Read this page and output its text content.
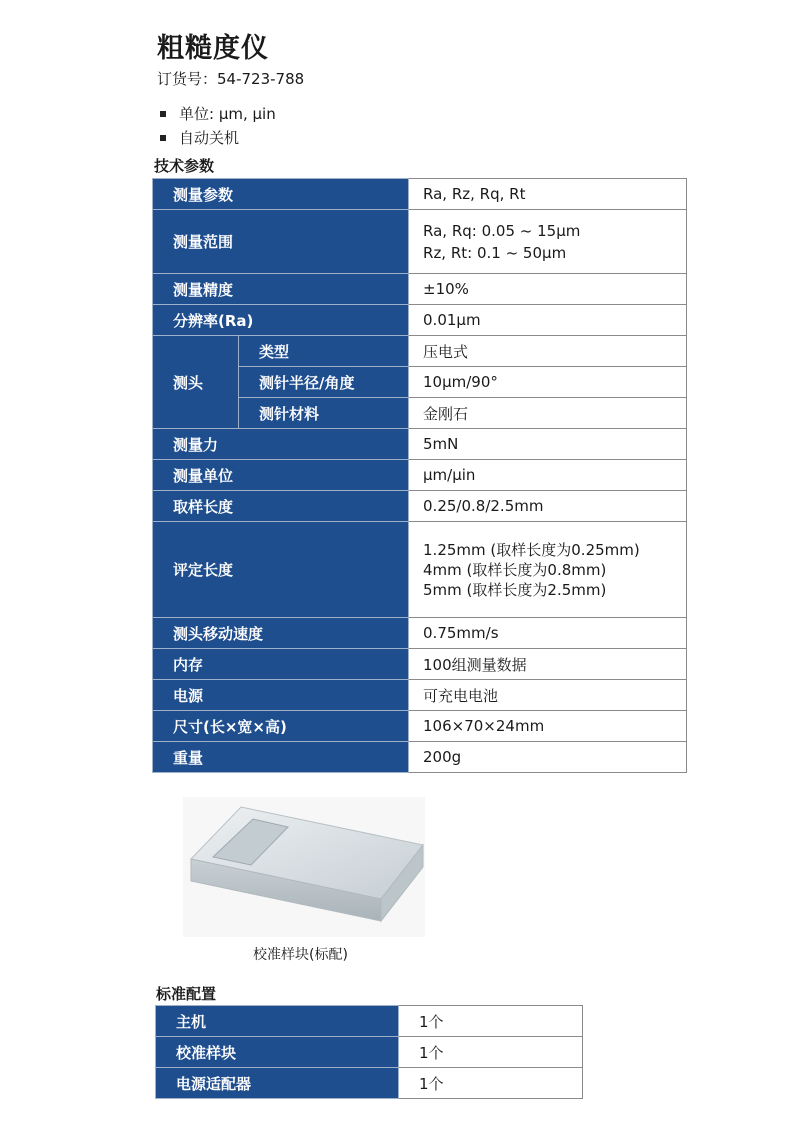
粗糙度仪
订货号：54-723-788
单位: µm, µin
自动关机
技术参数
测量参数		Ra, Rz, Rq, Rt
测量范围		Ra, Rq: 0.05 ~ 15µm
Rz, Rt: 0.1 ~ 50µm

测量精度		±10%
分辨率(Ra)		0.01µm
测头	类型	压电式
	测针半径/角度	10µm/90°
	测针材料	金刚石
测量力		5mN
测量单位		µm/µin
取样长度		0.25/0.8/2.5mm
评定长度		1.25mm (取样长度为0.25mm)
4mm (取样长度为0.8mm)
5mm (取样长度为2.5mm)

测头移动速度		0.75mm/s
内存		100组测量数据
电源		可充电电池
尺寸(长×宽×高)		106×70×24mm
重量		200g
校准样块(标配)
标准配置
主机	1个
校准样块	1个
电源适配器	1个
